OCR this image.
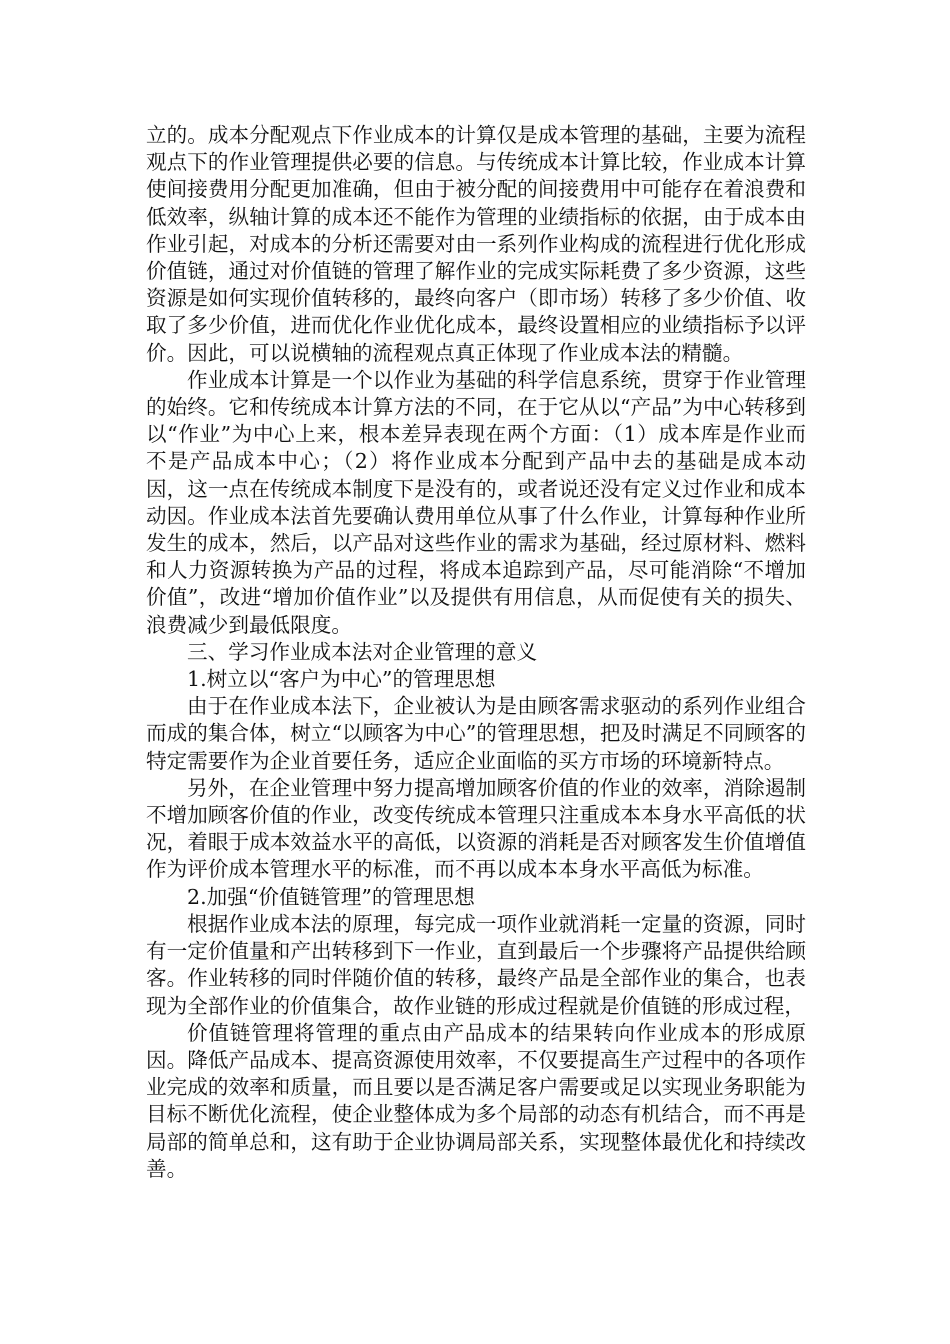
立的。成本分配观点下作业成本的计算仅是成本管理的基础，主要为流程观点下的作业管理提供必要的信息。与传统成本计算比较，作业成本计算使间接费用分配更加准确，但由于被分配的间接费用中可能存在着浪费和低效率，纵轴计算的成本还不能作为管理的业绩指标的依据，由于成本由作业引起，对成本的分析还需要对由一系列作业构成的流程进行优化形成价值链，通过对价值链的管理了解作业的完成实际耗费了多少资源，这些资源是如何实现价值转移的，最终向客户（即市场）转移了多少价值、收取了多少价值，进而优化作业优化成本，最终设置相应的业绩指标予以评价。因此，可以说横轴的流程观点真正体现了作业成本法的精髓。

作业成本计算是一个以作业为基础的科学信息系统，贯穿于作业管理的始终。它和传统成本计算方法的不同，在于它从以“产品”为中心转移到以“作业”为中心上来，根本差异表现在两个方面：（1）成本库是作业而不是产品成本中心；（2）将作业成本分配到产品中去的基础是成本动因，这一点在传统成本制度下是没有的，或者说还没有定义过作业和成本动因。作业成本法首先要确认费用单位从事了什么作业，计算每种作业所发生的成本，然后，以产品对这些作业的需求为基础，经过原材料、燃料和人力资源转换为产品的过程，将成本追踪到产品，尽可能消除“不增加价值”，改进“增加价值作业”以及提供有用信息，从而促使有关的损失、浪费减少到最低限度。

三、学习作业成本法对企业管理的意义

1.树立以“客户为中心”的管理思想

由于在作业成本法下，企业被认为是由顾客需求驱动的系列作业组合而成的集合体，树立“以顾客为中心”的管理思想，把及时满足不同顾客的特定需要作为企业首要任务，适应企业面临的买方市场的环境新特点。

另外，在企业管理中努力提高增加顾客价值的作业的效率，消除遏制不增加顾客价值的作业，改变传统成本管理只注重成本本身水平高低的状况，着眼于成本效益水平的高低，以资源的消耗是否对顾客发生价值增值作为评价成本管理水平的标准，而不再以成本本身水平高低为标准。

2.加强“价值链管理”的管理思想

根据作业成本法的原理，每完成一项作业就消耗一定量的资源，同时有一定价值量和产出转移到下一作业，直到最后一个步骤将产品提供给顾客。作业转移的同时伴随价值的转移，最终产品是全部作业的集合，也表现为全部作业的价值集合，故作业链的形成过程就是价值链的形成过程，

价值链管理将管理的重点由产品成本的结果转向作业成本的形成原因。降低产品成本、提高资源使用效率，不仅要提高生产过程中的各项作业完成的效率和质量，而且要以是否满足客户需要或足以实现业务职能为目标不断优化流程，使企业整体成为多个局部的动态有机结合，而不再是局部的简单总和，这有助于企业协调局部关系，实现整体最优化和持续改善。
